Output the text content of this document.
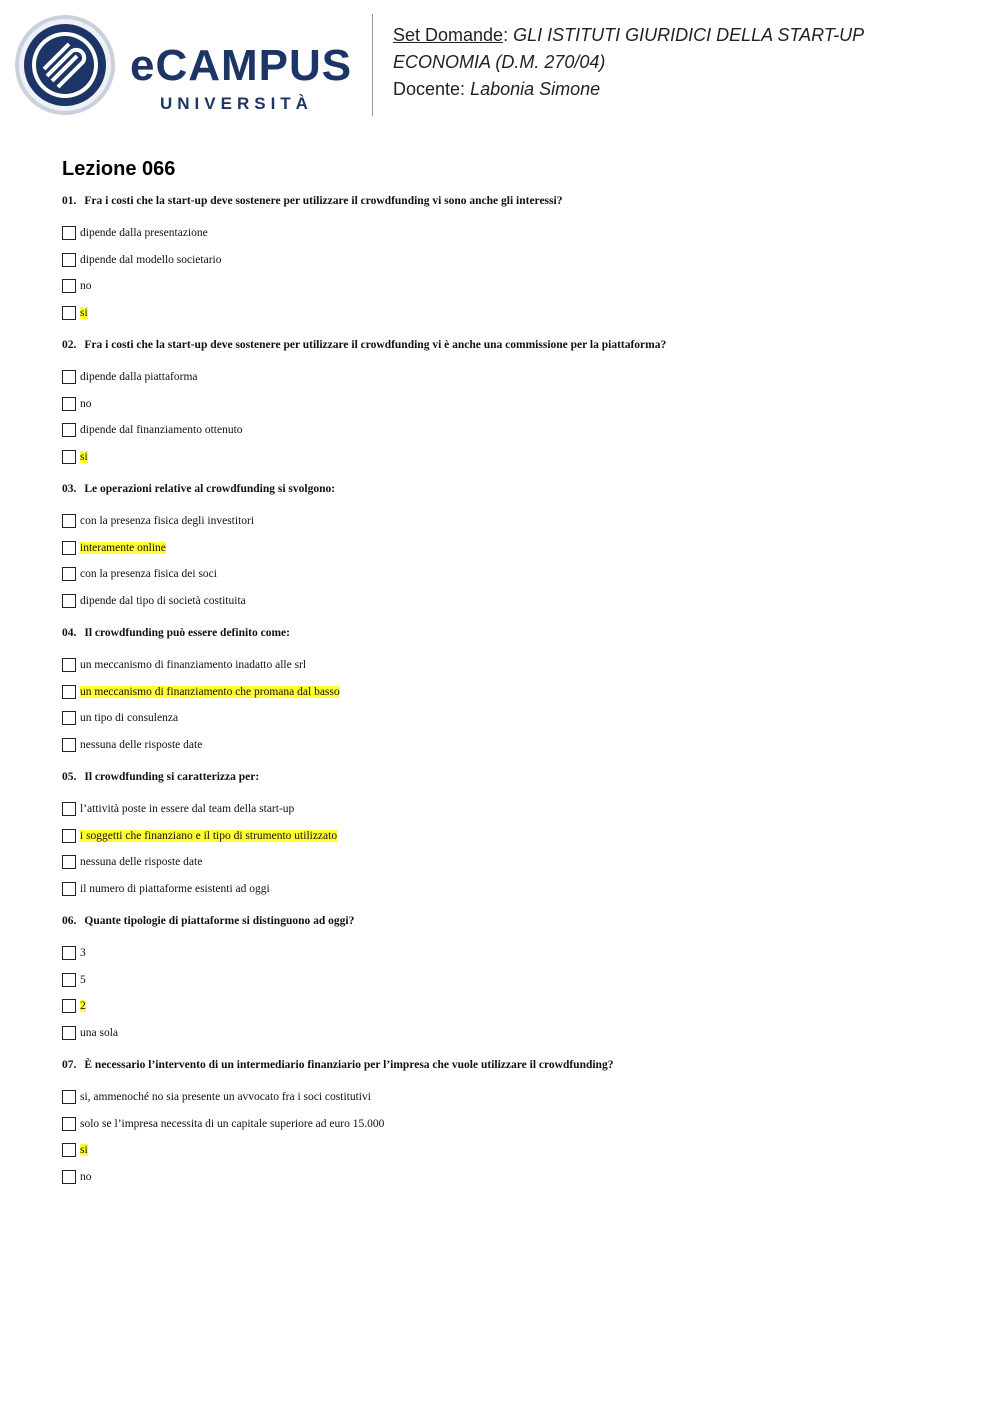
eCAMPUS
UNIVERSITÀ
Set Domande: GLI ISTITUTI GIURIDICI DELLA START-UP
ECONOMIA (D.M. 270/04)
Docente: Labonia Simone
Lezione 066
01. Fra i costi che la start-up deve sostenere per utilizzare il crowdfunding vi sono anche gli interessi?
dipende dalla presentazione
dipende dal modello societario
no
si
02. Fra i costi che la start-up deve sostenere per utilizzare il crowdfunding vi è anche una commissione per la piattaforma?
dipende dalla piattaforma
no
dipende dal finanziamento ottenuto
si
03. Le operazioni relative al crowdfunding si svolgono:
con la presenza fisica degli investitori
interamente online
con la presenza fisica dei soci
dipende dal tipo di società costituita
04. Il crowdfunding può essere definito come:
un meccanismo di finanziamento inadatto alle srl
un meccanismo di finanziamento che promana dal basso
un tipo di consulenza
nessuna delle risposte date
05. Il crowdfunding si caratterizza per:
l’attività poste in essere dal team della start-up
i soggetti che finanziano e il tipo di strumento utilizzato
nessuna delle risposte date
il numero di piattaforme esistenti ad oggi
06. Quante tipologie di piattaforme si distinguono ad oggi?
3
5
2
una sola
07. È necessario l’intervento di un intermediario finanziario per l’impresa che vuole utilizzare il crowdfunding?
si, ammenoché no sia presente un avvocato fra i soci costitutivi
solo se l’impresa necessita di un capitale superiore ad euro 15.000
si
no
